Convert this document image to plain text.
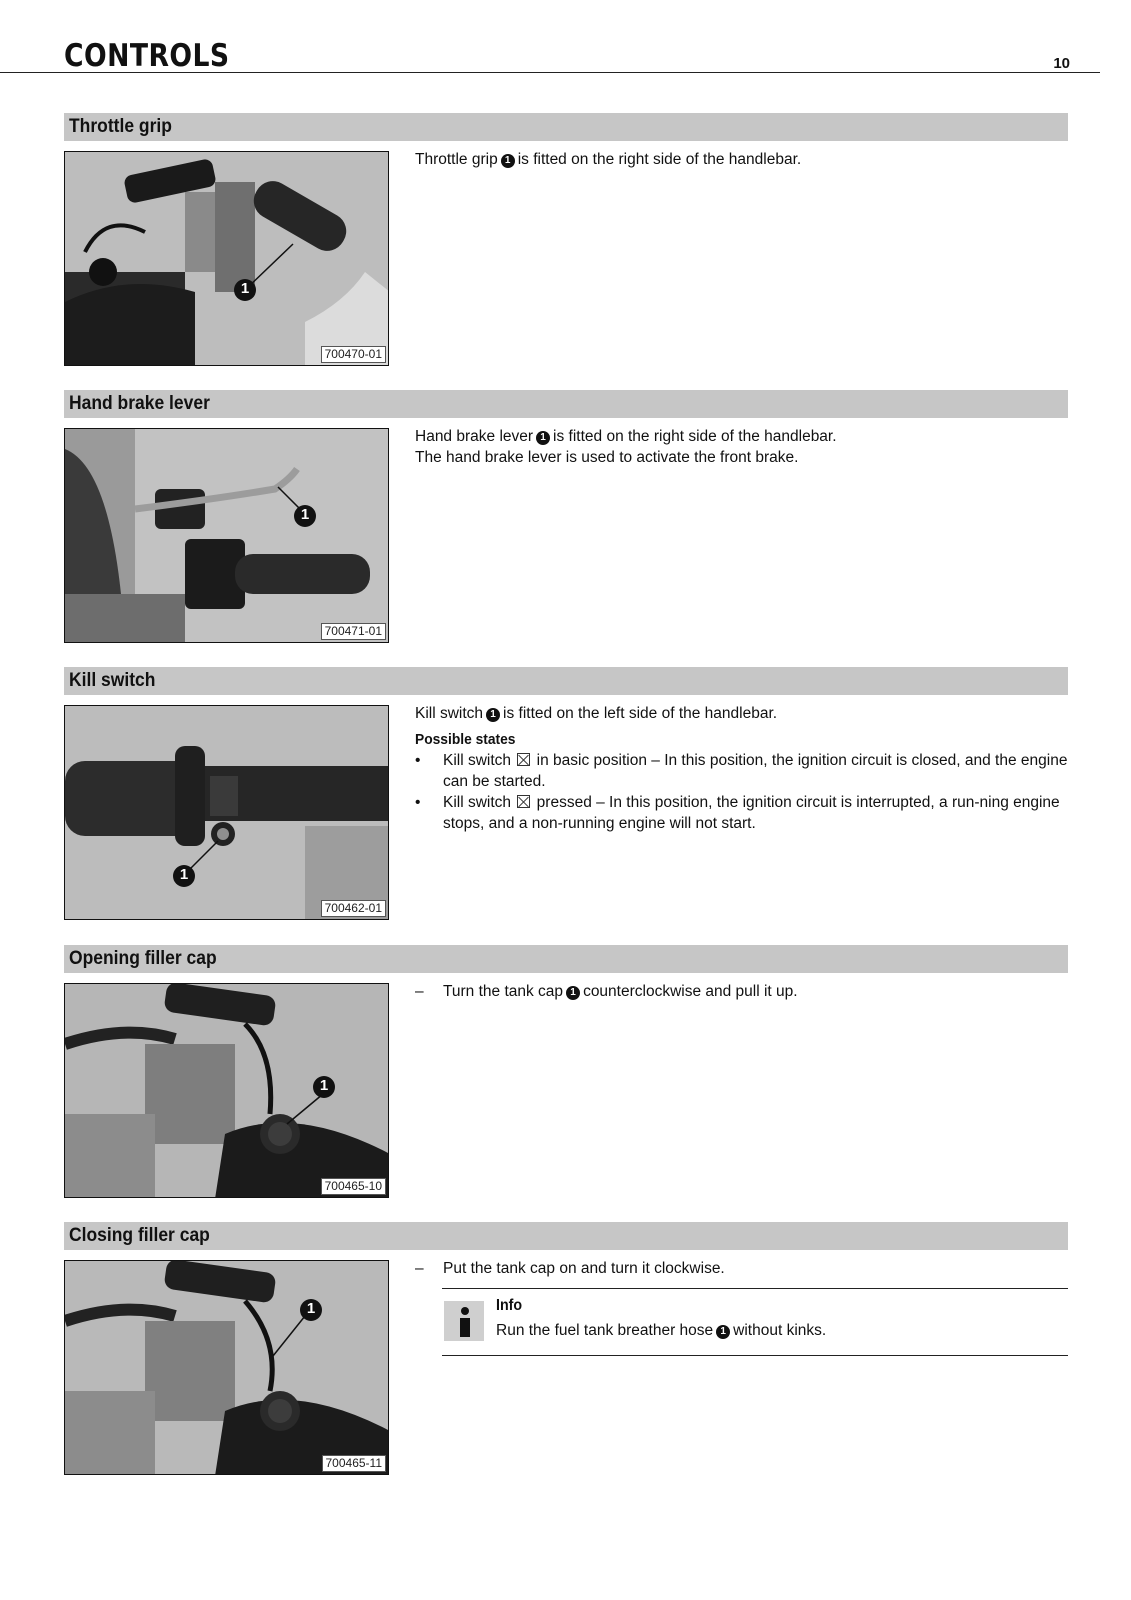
CONTROLS	10
Throttle grip
1
700470-01

Throttle grip 1 is fitted on the right side of the handlebar.

Hand brake lever
1
700471-01

Hand brake lever 1 is fitted on the right side of the handlebar.

The hand brake lever is used to activate the front brake.

Kill switch
1
700462-01

Kill switch 1 is fitted on the left side of the handlebar.

Possible states

• Kill switch in basic position – In this position, the ignition circuit is closed, and the engine can be started.
• Kill switch pressed – In this position, the ignition circuit is interrupted, a run-ning engine stops, and a non-running engine will not start.
Opening filler cap
1
700465-10
– Turn the tank cap 1 counterclockwise and pull it up.
Closing filler cap
1
700465-11
– Put the tank cap on and turn it clockwise.
Info
Run the fuel tank breather hose 1 without kinks.
